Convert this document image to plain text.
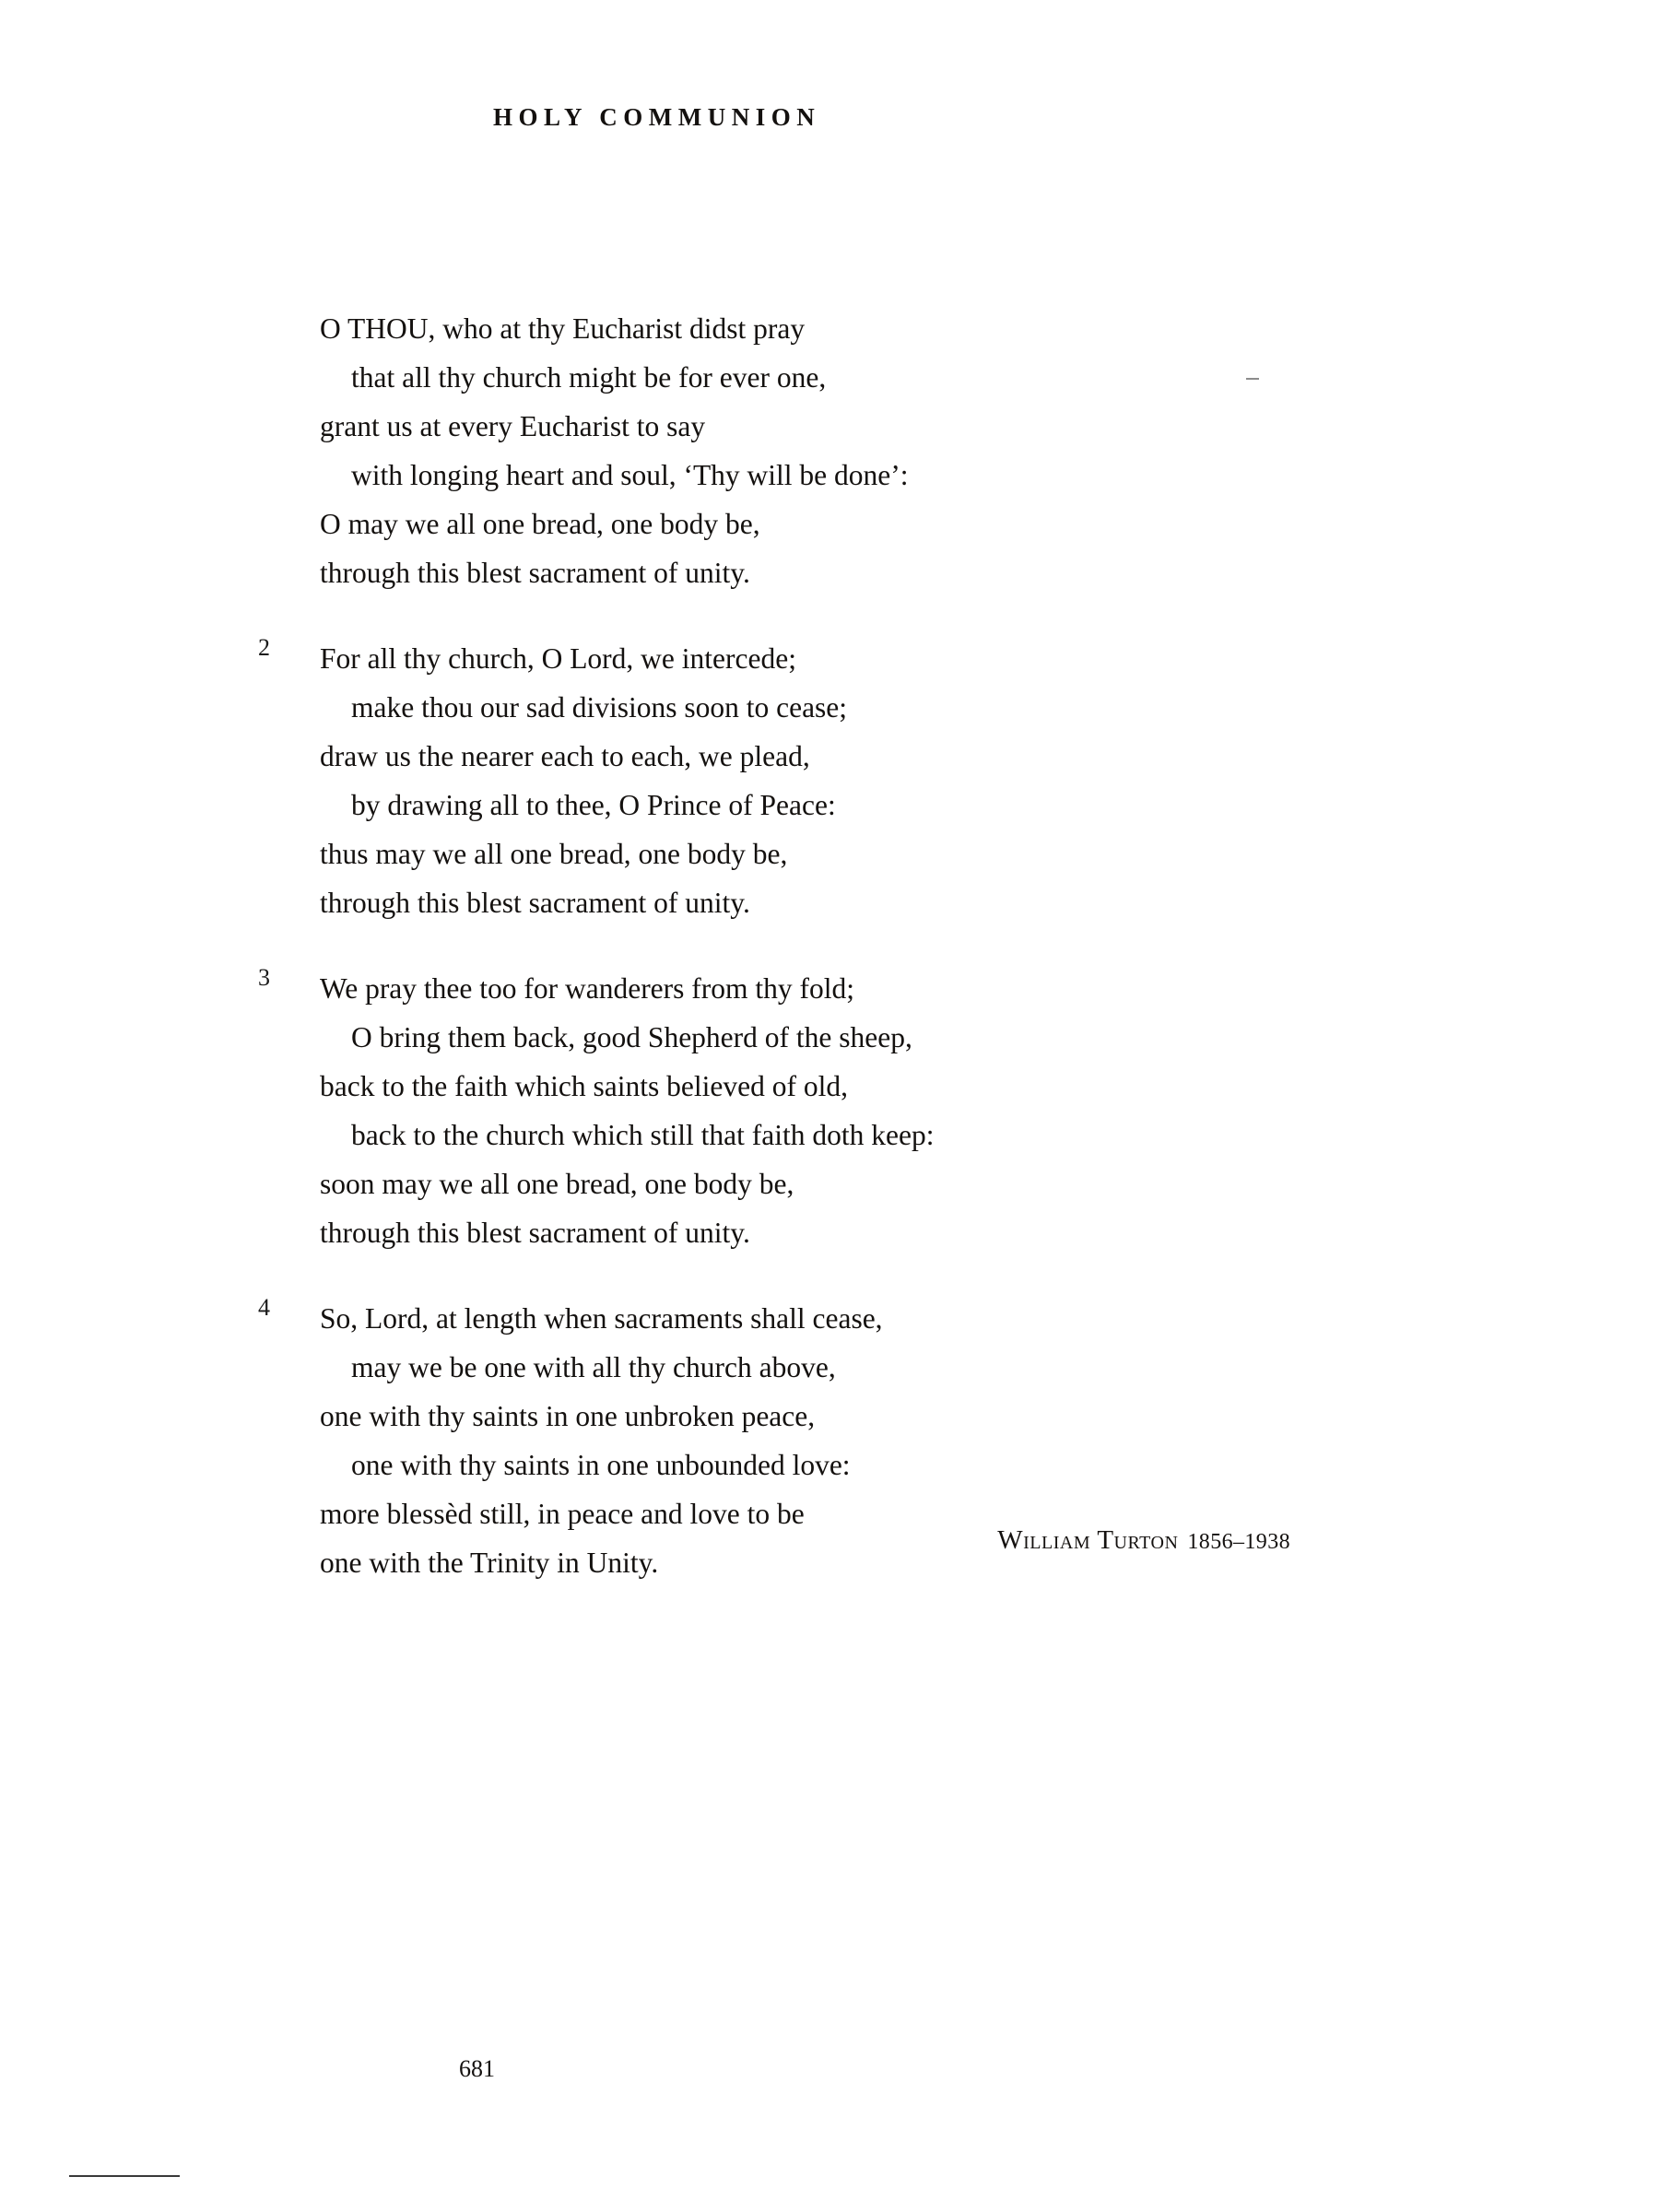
HOLY COMMUNION
O THOU, who at thy Eucharist didst pray
that all thy church might be for ever one,
grant us at every Eucharist to say
with longing heart and soul, ‘Thy will be done’:
O may we all one bread, one body be,
through this blest sacrament of unity.
2	For all thy church, O Lord, we intercede;
make thou our sad divisions soon to cease;
draw us the nearer each to each, we plead,
by drawing all to thee, O Prince of Peace:
thus may we all one bread, one body be,
through this blest sacrament of unity.
3	We pray thee too for wanderers from thy fold;
O bring them back, good Shepherd of the sheep,
back to the faith which saints believed of old,
back to the church which still that faith doth keep:
soon may we all one bread, one body be,
through this blest sacrament of unity.
4	So, Lord, at length when sacraments shall cease,
may we be one with all thy church above,
one with thy saints in one unbroken peace,
one with thy saints in one unbounded love:
more blessèd still, in peace and love to be
one with the Trinity in Unity.
William Turton 1856–1938
681
